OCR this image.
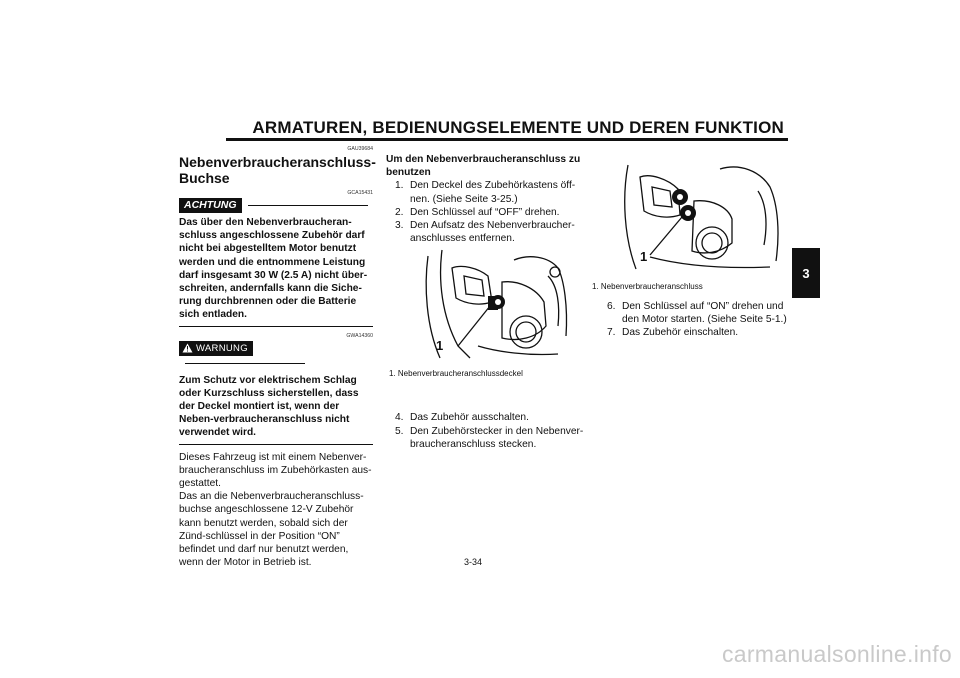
ARMATUREN, BEDIENUNGSELEMENTE UND DEREN FUNKTION
3
GAU39684
Nebenverbraucheranschluss-Buchse
GCA15431
ACHTUNG
Das über den Nebenverbraucheran-schluss angeschlossene Zubehör darf nicht bei abgestelltem Motor benutzt werden und die entnommene Leistung darf insgesamt 30 W (2.5 A) nicht über-schreiten, andernfalls kann die Siche-rung durchbrennen oder die Batterie sich entladen.
GWA14360
WARNUNG
Zum Schutz vor elektrischem Schlag oder Kurzschluss sicherstellen, dass der Deckel montiert ist, wenn der Neben-verbraucheranschluss nicht verwendet wird.

Dieses Fahrzeug ist mit einem Nebenver-braucheranschluss im Zubehörkasten aus-gestattet.

Das an die Nebenverbraucheranschluss-buchse angeschlossene 12-V Zubehör kann benutzt werden, sobald sich der Zünd-schlüssel in der Position “ON” befindet und darf nur benutzt werden, wenn der Motor in Betrieb ist.

Um den Nebenverbraucheranschluss zu benutzen
1. Den Deckel des Zubehörkastens öff-nen. (Siehe Seite 3-25.)
2. Den Schlüssel auf “OFF” drehen.
3. Den Aufsatz des Nebenverbraucher-anschlusses entfernen.
4. Das Zubehör ausschalten.
5. Den Zubehörstecker in den Nebenver-braucheranschluss stecken.
1
1. Nebenverbraucheranschlussdeckel
1
1. Nebenverbraucheranschluss
6. Den Schlüssel auf “ON” drehen und den Motor starten. (Siehe Seite 5-1.)
7. Das Zubehör einschalten.
3-34
carmanualsonline.info
